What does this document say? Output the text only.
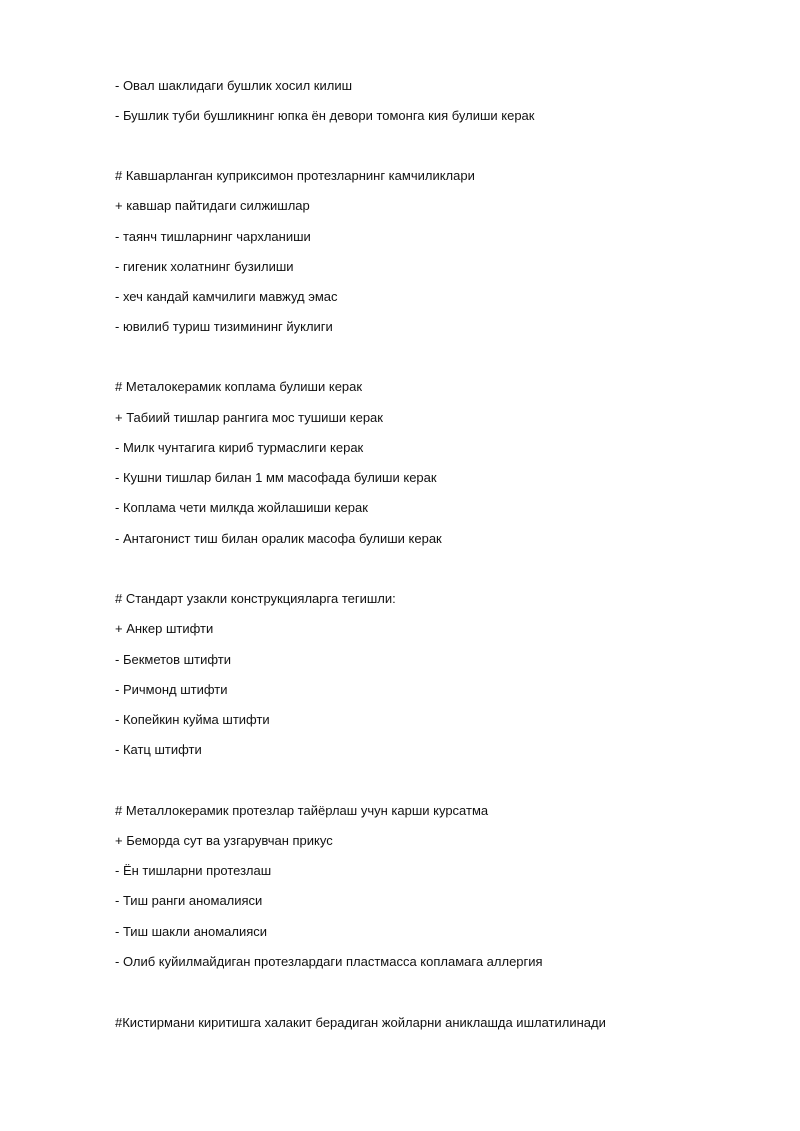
- Овал шаклидаги бушлик хосил килиш
- Бушлик туби бушликнинг юпка ён девори томонга кия булиши керак
# Кавшарланган куприксимон протезларнинг камчиликлари
+ кавшар пайтидаги силжишлар
- таянч тишларнинг чархланиши
- гигеник холатнинг бузилиши
- хеч кандай камчилиги мавжуд эмас
- ювилиб туриш тизимининг йуклиги
# Металокерамик коплама булиши керак
+ Табиий тишлар рангига мос тушиши керак
- Милк чунтагига кириб турмаслиги керак
- Кушни тишлар билан 1 мм масофада булиши керак
- Коплама чети милкда жойлашиши керак
- Антагонист тиш билан оралик масофа булиши керак
# Стандарт узакли конструкцияларга тегишли:
+ Анкер штифти
- Бекметов штифти
- Ричмонд штифти
- Копейкин куйма штифти
- Катц штифти
# Металлокерамик протезлар тайёрлаш учун карши курсатма
+ Беморда сут ва узгарувчан прикус
- Ён тишларни протезлаш
- Тиш ранги аномалияси
- Тиш шакли аномалияси
- Олиб куйилмайдиган протезлардаги пластмасса копламага аллергия
#Кистирмани киритишга халакит берадиган жойларни аниклашда ишлатилинади
